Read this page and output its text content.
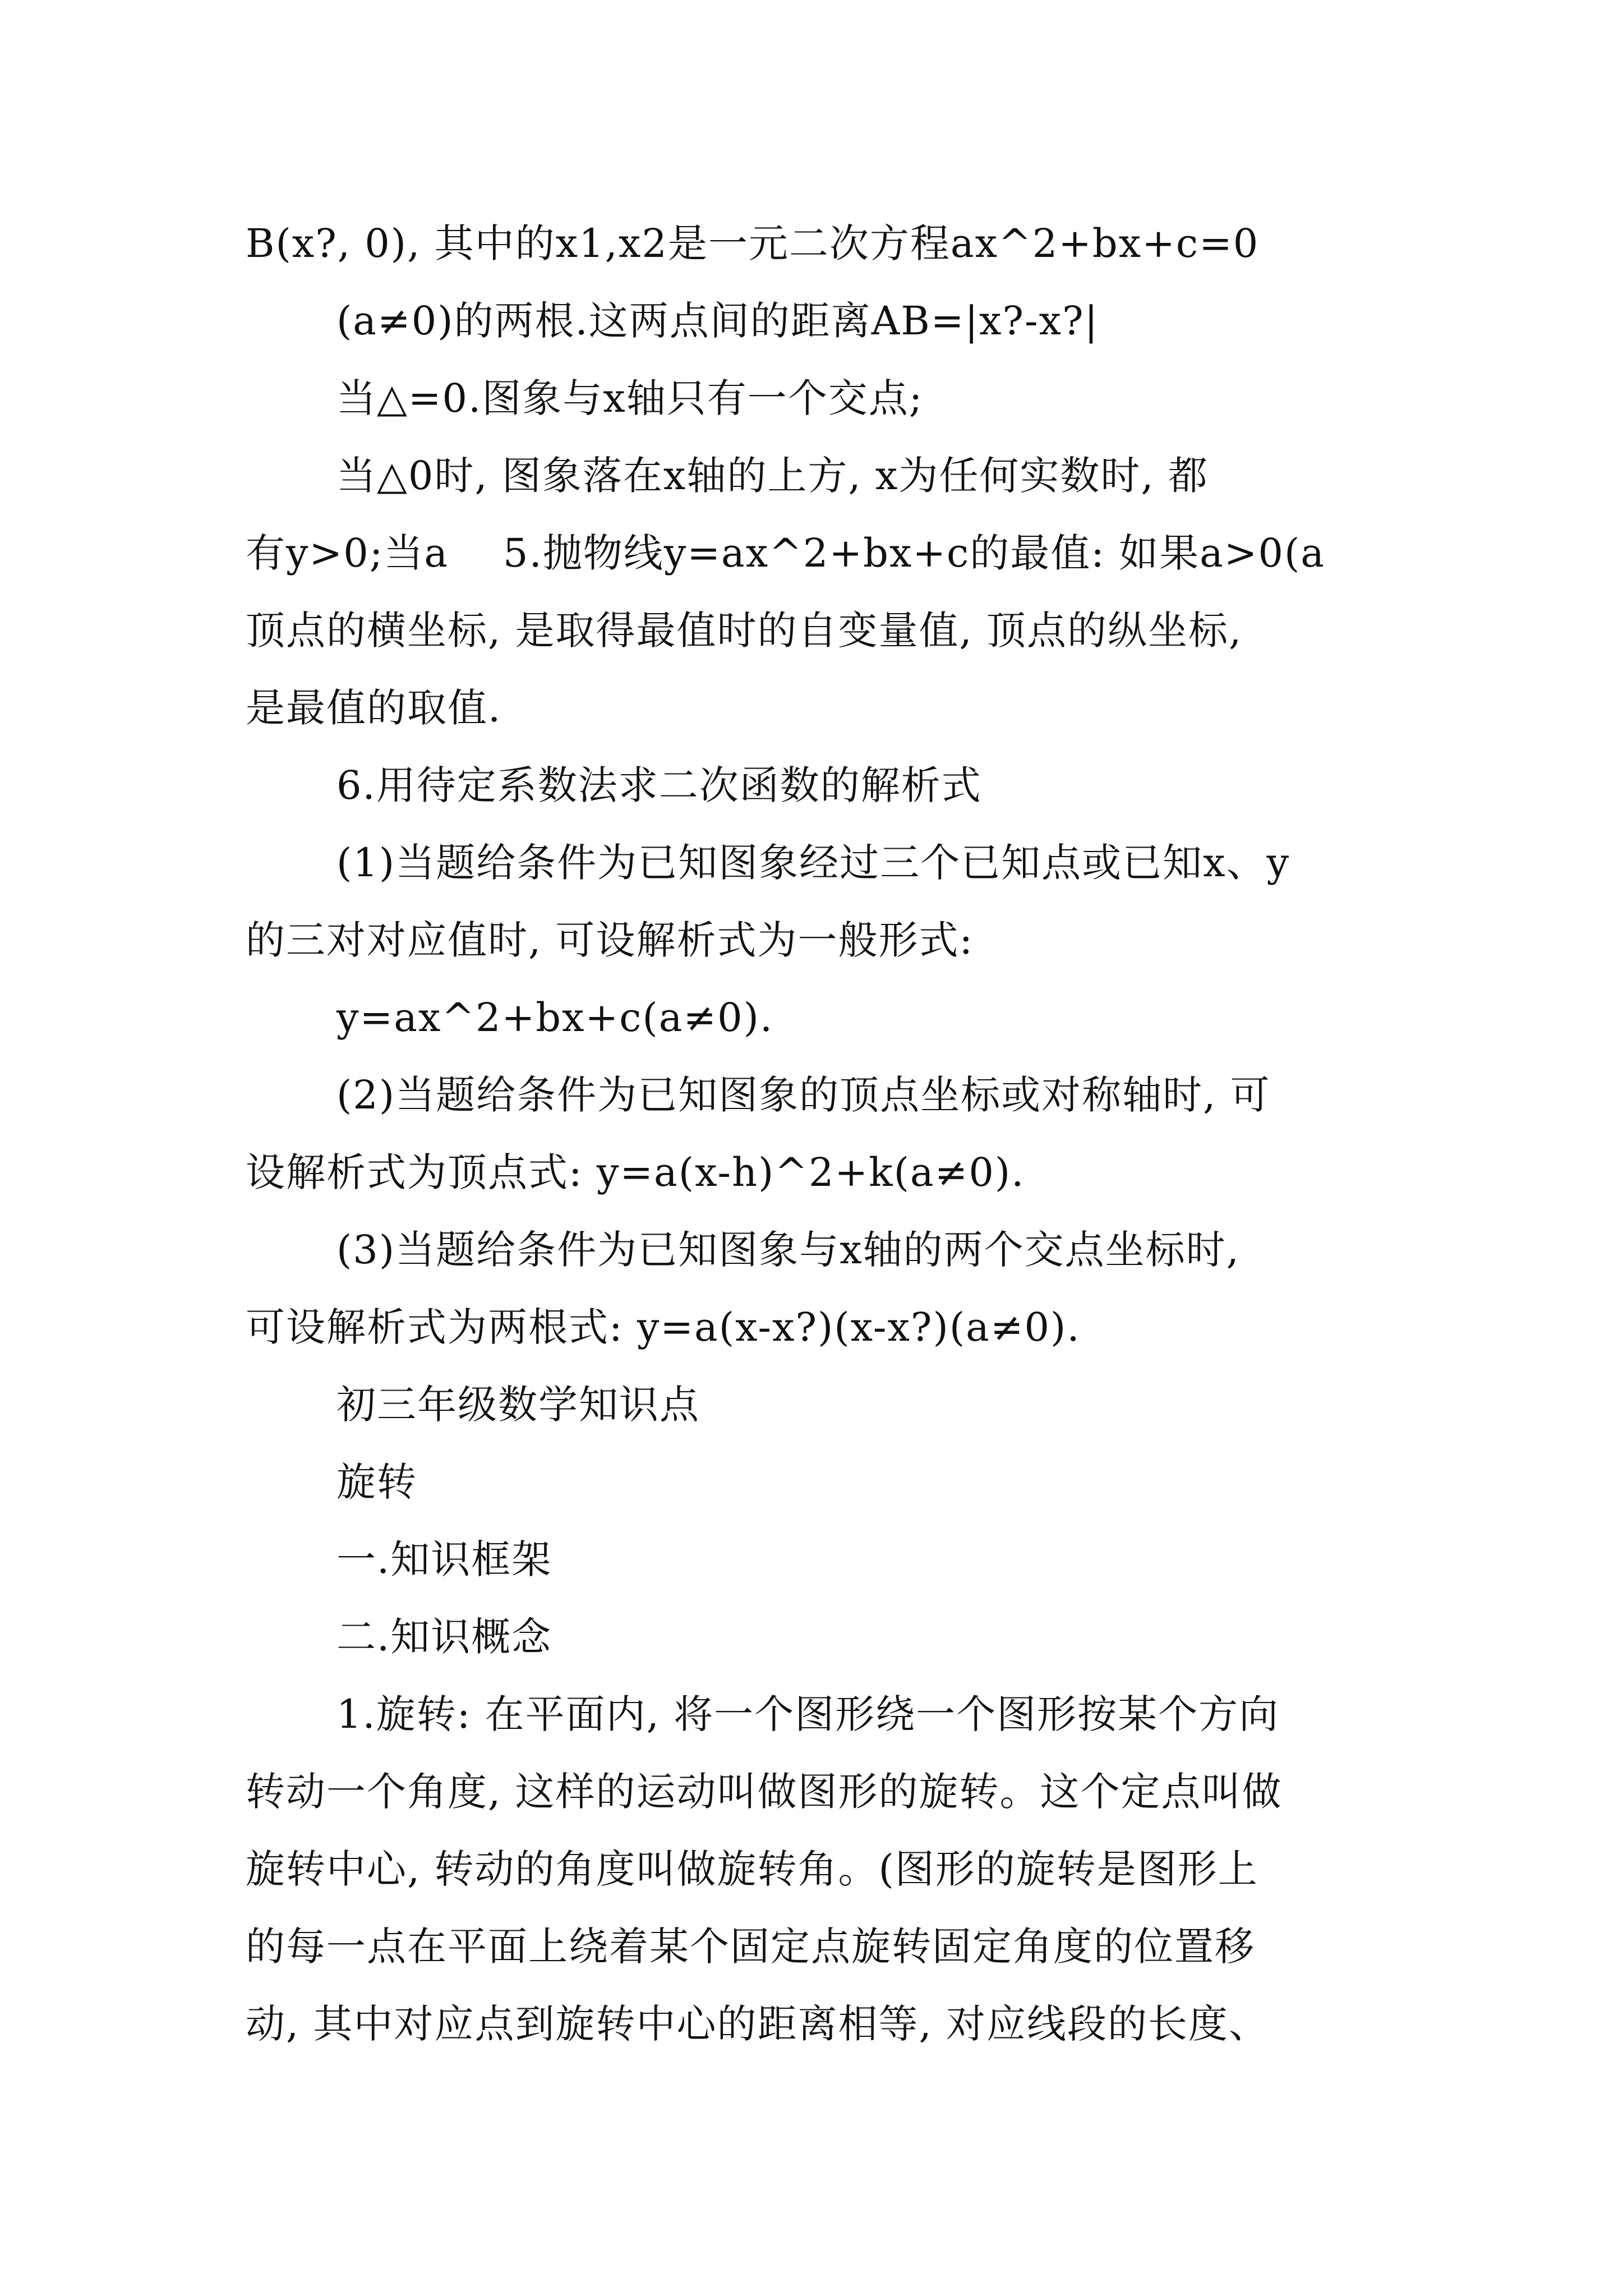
B(x?, 0), 其中的x1,x2是一元二次方程ax^2+bx+c=0
(a≠0)的两根.这两点间的距离AB=|x?-x?|
当△=0.图象与x轴只有一个交点;
当△0时, 图象落在x轴的上方, x为任何实数时, 都
有y>0;当a    5.抛物线y=ax^2+bx+c的最值: 如果a>0(a
顶点的横坐标, 是取得最值时的自变量值, 顶点的纵坐标,
是最值的取值.
6.用待定系数法求二次函数的解析式
(1)当题给条件为已知图象经过三个已知点或已知x、y
的三对对应值时, 可设解析式为一般形式:
y=ax^2+bx+c(a≠0).
(2)当题给条件为已知图象的顶点坐标或对称轴时, 可
设解析式为顶点式: y=a(x-h)^2+k(a≠0).
(3)当题给条件为已知图象与x轴的两个交点坐标时,
可设解析式为两根式: y=a(x-x?)(x-x?)(a≠0).
初三年级数学知识点
旋转
一.知识框架
二.知识概念
1.旋转: 在平面内, 将一个图形绕一个图形按某个方向
转动一个角度, 这样的运动叫做图形的旋转。这个定点叫做
旋转中心, 转动的角度叫做旋转角。(图形的旋转是图形上
的每一点在平面上绕着某个固定点旋转固定角度的位置移
动, 其中对应点到旋转中心的距离相等, 对应线段的长度、
